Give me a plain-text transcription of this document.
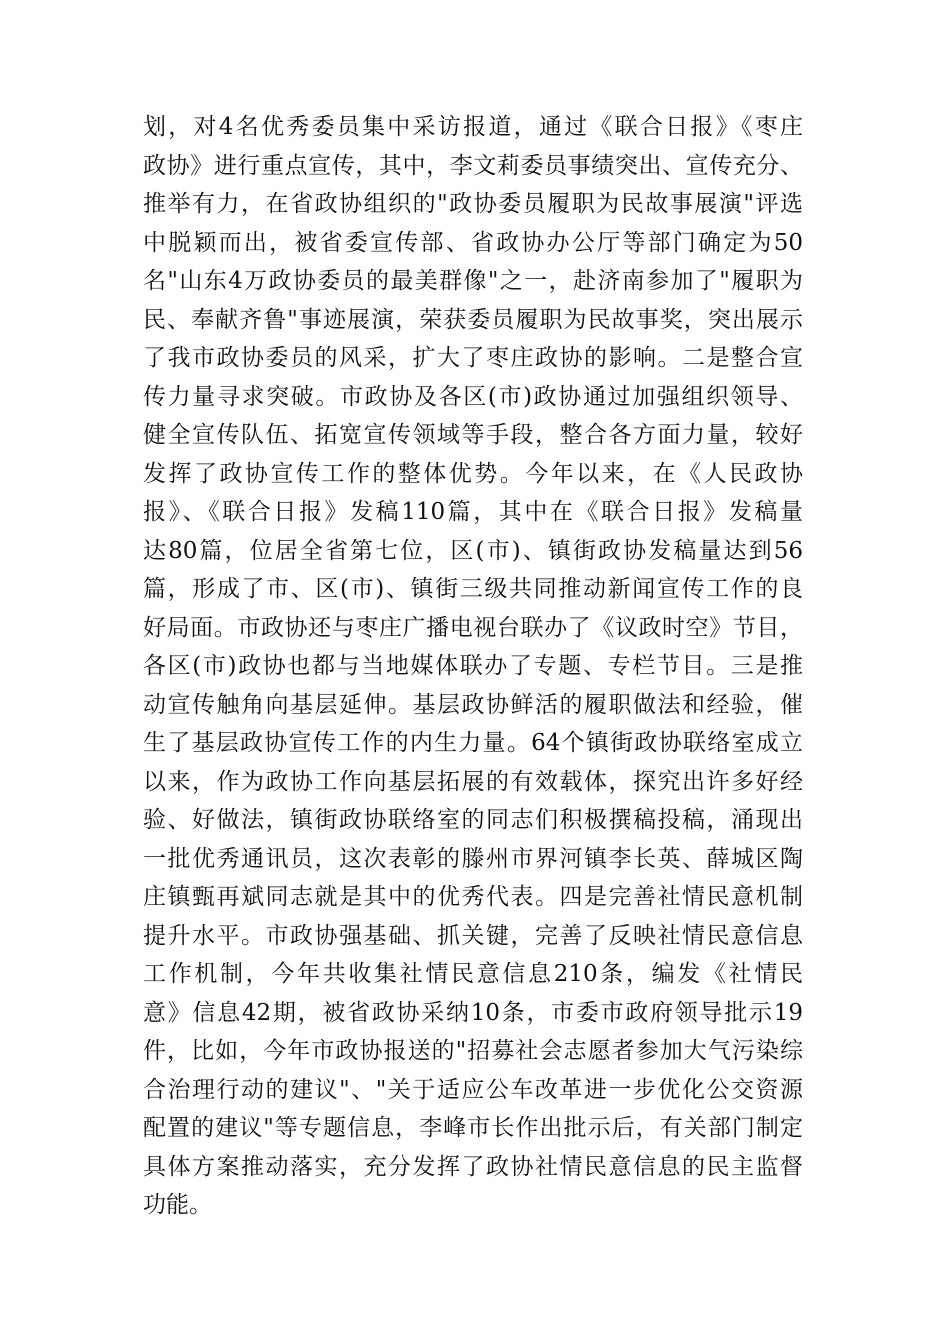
划，对4名优秀委员集中采访报道，通过《联合日报》《枣庄
政协》进行重点宣传，其中，李文莉委员事绩突出、宣传充分、
推举有力，在省政协组织的"政协委员履职为民故事展演"评选
中脱颖而出，被省委宣传部、省政协办公厅等部门确定为50
名"山东4万政协委员的最美群像"之一，赴济南参加了"履职为
民、奉献齐鲁"事迹展演，荣获委员履职为民故事奖，突出展示
了我市政协委员的风采，扩大了枣庄政协的影响。二是整合宣
传力量寻求突破。市政协及各区(市)政协通过加强组织领导、
健全宣传队伍、拓宽宣传领域等手段，整合各方面力量，较好
发挥了政协宣传工作的整体优势。今年以来，在《人民政协
报》、《联合日报》发稿110篇，其中在《联合日报》发稿量
达80篇，位居全省第七位，区(市)、镇街政协发稿量达到56
篇，形成了市、区(市)、镇街三级共同推动新闻宣传工作的良
好局面。市政协还与枣庄广播电视台联办了《议政时空》节目，
各区(市)政协也都与当地媒体联办了专题、专栏节目。三是推
动宣传触角向基层延伸。基层政协鲜活的履职做法和经验，催
生了基层政协宣传工作的内生力量。64个镇街政协联络室成立
以来，作为政协工作向基层拓展的有效载体，探究出许多好经
验、好做法，镇街政协联络室的同志们积极撰稿投稿，涌现出
一批优秀通讯员，这次表彰的滕州市界河镇李长英、薛城区陶
庄镇甄再斌同志就是其中的优秀代表。四是完善社情民意机制
提升水平。市政协强基础、抓关键，完善了反映社情民意信息
工作机制，今年共收集社情民意信息210条，编发《社情民
意》信息42期，被省政协采纳10条，市委市政府领导批示19
件，比如，今年市政协报送的"招募社会志愿者参加大气污染综
合治理行动的建议"、"关于适应公车改革进一步优化公交资源
配置的建议"等专题信息，李峰市长作出批示后，有关部门制定
具体方案推动落实，充分发挥了政协社情民意信息的民主监督
功能。
